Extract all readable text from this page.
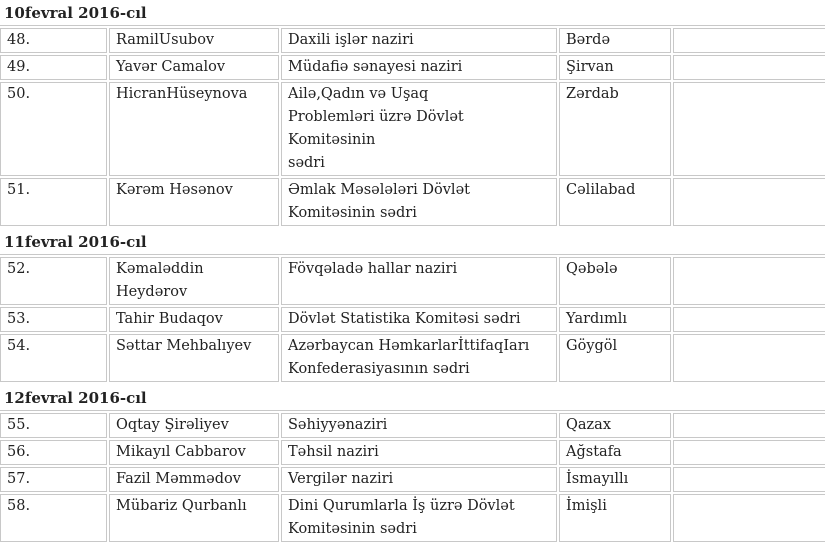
10fevral 2016-cıl				
48.	RamilUsubov	Daxili işlər naziri	Bərdə	
49.	Yavər Camalov	Müdafiə sənayesi naziri	Şirvan	
50.	HicranHüseynova	Ailə,Qadın və Uşaq
Problemləri üzrə Dövlət Komitəsinin
sədri	Zərdab	
51.	Kərəm Həsənov	Əmlak Məsələləri Dövlət
Komitəsinin sədri	Cəlilabad	
11fevral 2016-cıl				
52.	Kəmaləddin Heydərov	Fövqəladə hallar naziri	Qəbələ	
53.	Tahir Budaqov	Dövlət Statistika Komitəsi sədri	Yardımlı	
54.	Səttar Mehbalıyev	Azərbaycan HəmkarlarİttifaqIarı
Konfederasiyasının sədri	Göygöl	
12fevral 2016-cıl				
55.	Oqtay Şirəliyev	Səhiyyənaziri	Qazax	
56.	Mikayıl Cabbarov	Təhsil naziri	Ağstafa	
57.	Fazil Məmmədov	Vergilər naziri	İsmayıllı	
58.	Mübariz Qurbanlı	Dini Qurumlarla İş üzrə Dövlət
Komitəsinin sədri	İmişli	
